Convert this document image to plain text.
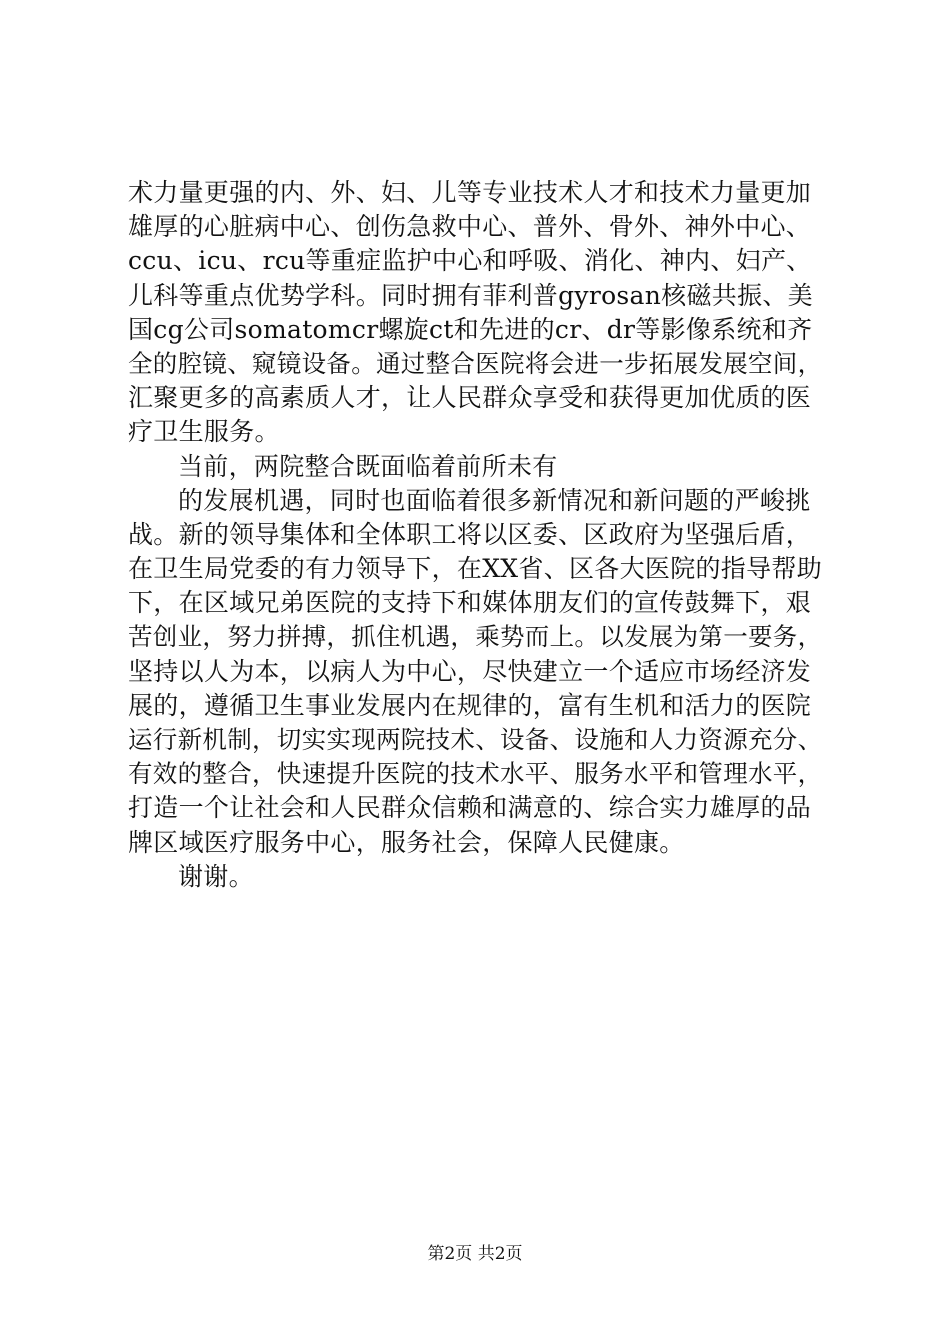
术力量更强的内、外、妇、儿等专业技术人才和技术力量更加
雄厚的心脏病中心、创伤急救中心、普外、骨外、神外中心、
ccu、icu、rcu等重症监护中心和呼吸、消化、神内、妇产、
儿科等重点优势学科。同时拥有菲利普gyrosan核磁共振、美
国cg公司somatomcr螺旋ct和先进的cr、dr等影像系统和齐
全的腔镜、窥镜设备。通过整合医院将会进一步拓展发展空间，
汇聚更多的高素质人才，让人民群众享受和获得更加优质的医
疗卫生服务。
当前，两院整合既面临着前所未有
的发展机遇，同时也面临着很多新情况和新问题的严峻挑
战。新的领导集体和全体职工将以区委、区政府为坚强后盾，
在卫生局党委的有力领导下，在XX省、区各大医院的指导帮助
下，在区域兄弟医院的支持下和媒体朋友们的宣传鼓舞下，艰
苦创业，努力拼搏，抓住机遇，乘势而上。以发展为第一要务，
坚持以人为本，以病人为中心，尽快建立一个适应市场经济发
展的，遵循卫生事业发展内在规律的，富有生机和活力的医院
运行新机制，切实实现两院技术、设备、设施和人力资源充分、
有效的整合，快速提升医院的技术水平、服务水平和管理水平，
打造一个让社会和人民群众信赖和满意的、综合实力雄厚的品
牌区域医疗服务中心，服务社会，保障人民健康。
谢谢。
第2页 共2页
